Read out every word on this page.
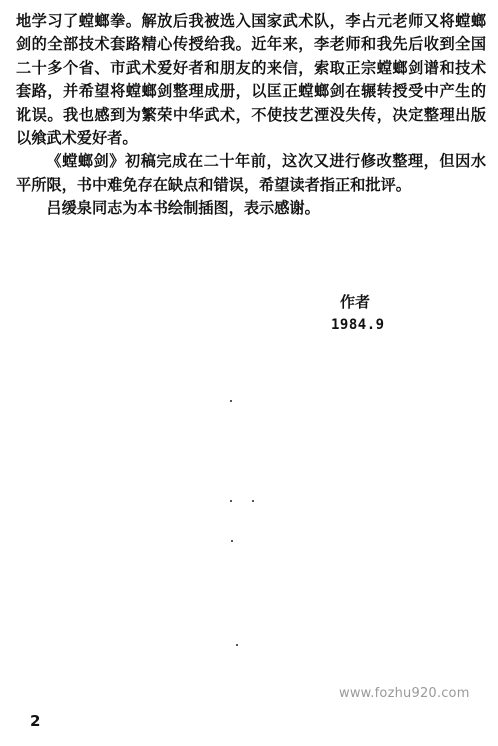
地学习了螳螂拳。解放后我被选入国家武术队，李占元老师又将螳螂剑的全部技术套路精心传授给我。近年来，李老师和我先后收到全国二十多个省、市武术爱好者和朋友的来信，索取正宗螳螂剑谱和技术套路，并希望将螳螂剑整理成册，以匡正螳螂剑在辗转授受中产生的讹误。我也感到为繁荣中华武术，不使技艺湮没失传，决定整理出版以飨武术爱好者。

《螳螂剑》初稿完成在二十年前，这次又进行修改整理，但因水平所限，书中难免存在缺点和错误，希望读者指正和批评。

吕缓泉同志为本书绘制插图，表示感谢。

作者
1984.9
www.fozhu920.com
2
